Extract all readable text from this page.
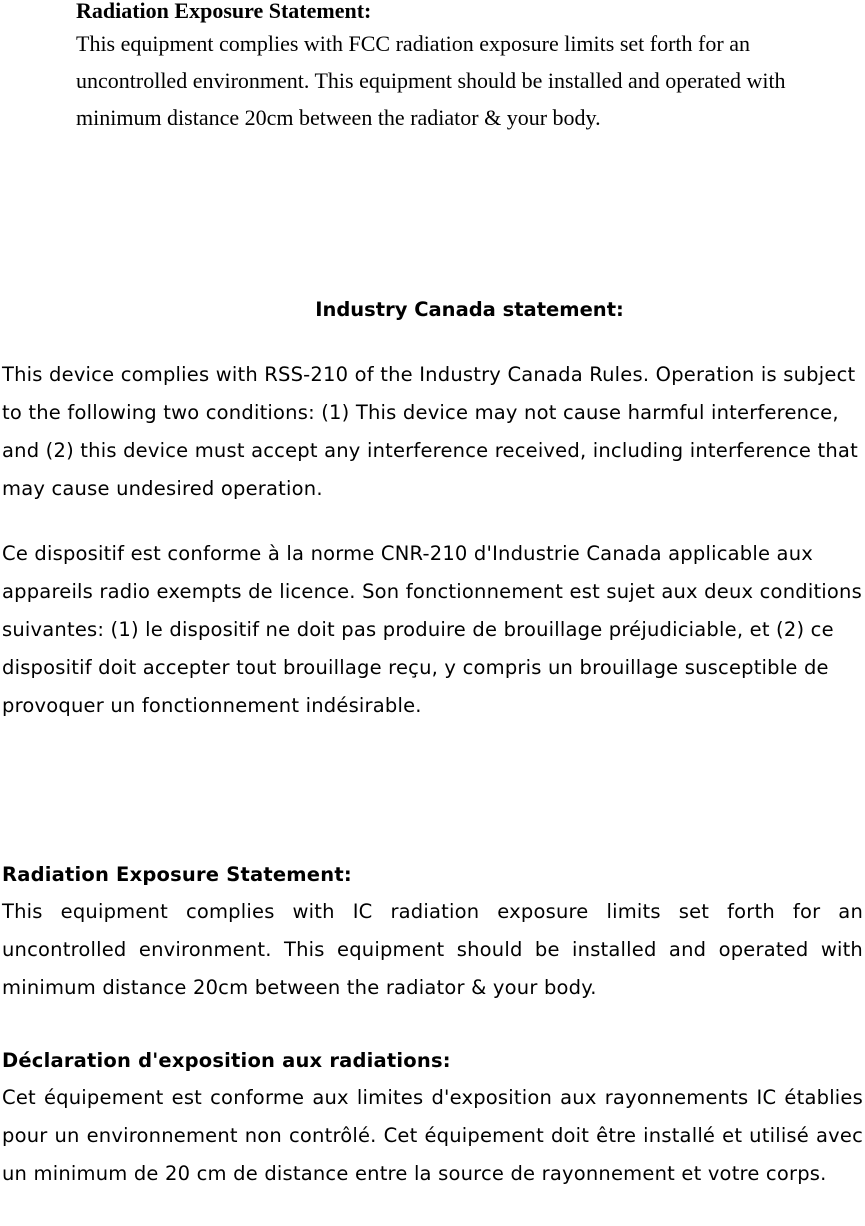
Radiation Exposure Statement:
This equipment complies with FCC radiation exposure limits set forth for an uncontrolled environment. This equipment should be installed and operated with minimum distance 20cm between the radiator & your body.
Industry Canada statement:

This device complies with RSS-210 of the Industry Canada Rules. Operation is subject to the following two conditions: (1) This device may not cause harmful interference, and (2) this device must accept any interference received, including interference that may cause undesired operation.

Ce dispositif est conforme à la norme CNR-210 d'Industrie Canada applicable aux appareils radio exempts de licence. Son fonctionnement est sujet aux deux conditions suivantes: (1) le dispositif ne doit pas produire de brouillage préjudiciable, et (2) ce dispositif doit accepter tout brouillage reçu, y compris un brouillage susceptible de provoquer un fonctionnement indésirable.

Radiation Exposure Statement:
This equipment complies with IC radiation exposure limits set forth for an uncontrolled environment. This equipment should be installed and operated with minimum distance 20cm between the radiator & your body.
Déclaration d'exposition aux radiations:
Cet équipement est conforme aux limites d'exposition aux rayonnements IC établies pour un environnement non contrôlé. Cet équipement doit être installé et utilisé avec un minimum de 20 cm de distance entre la source de rayonnement et votre corps.
